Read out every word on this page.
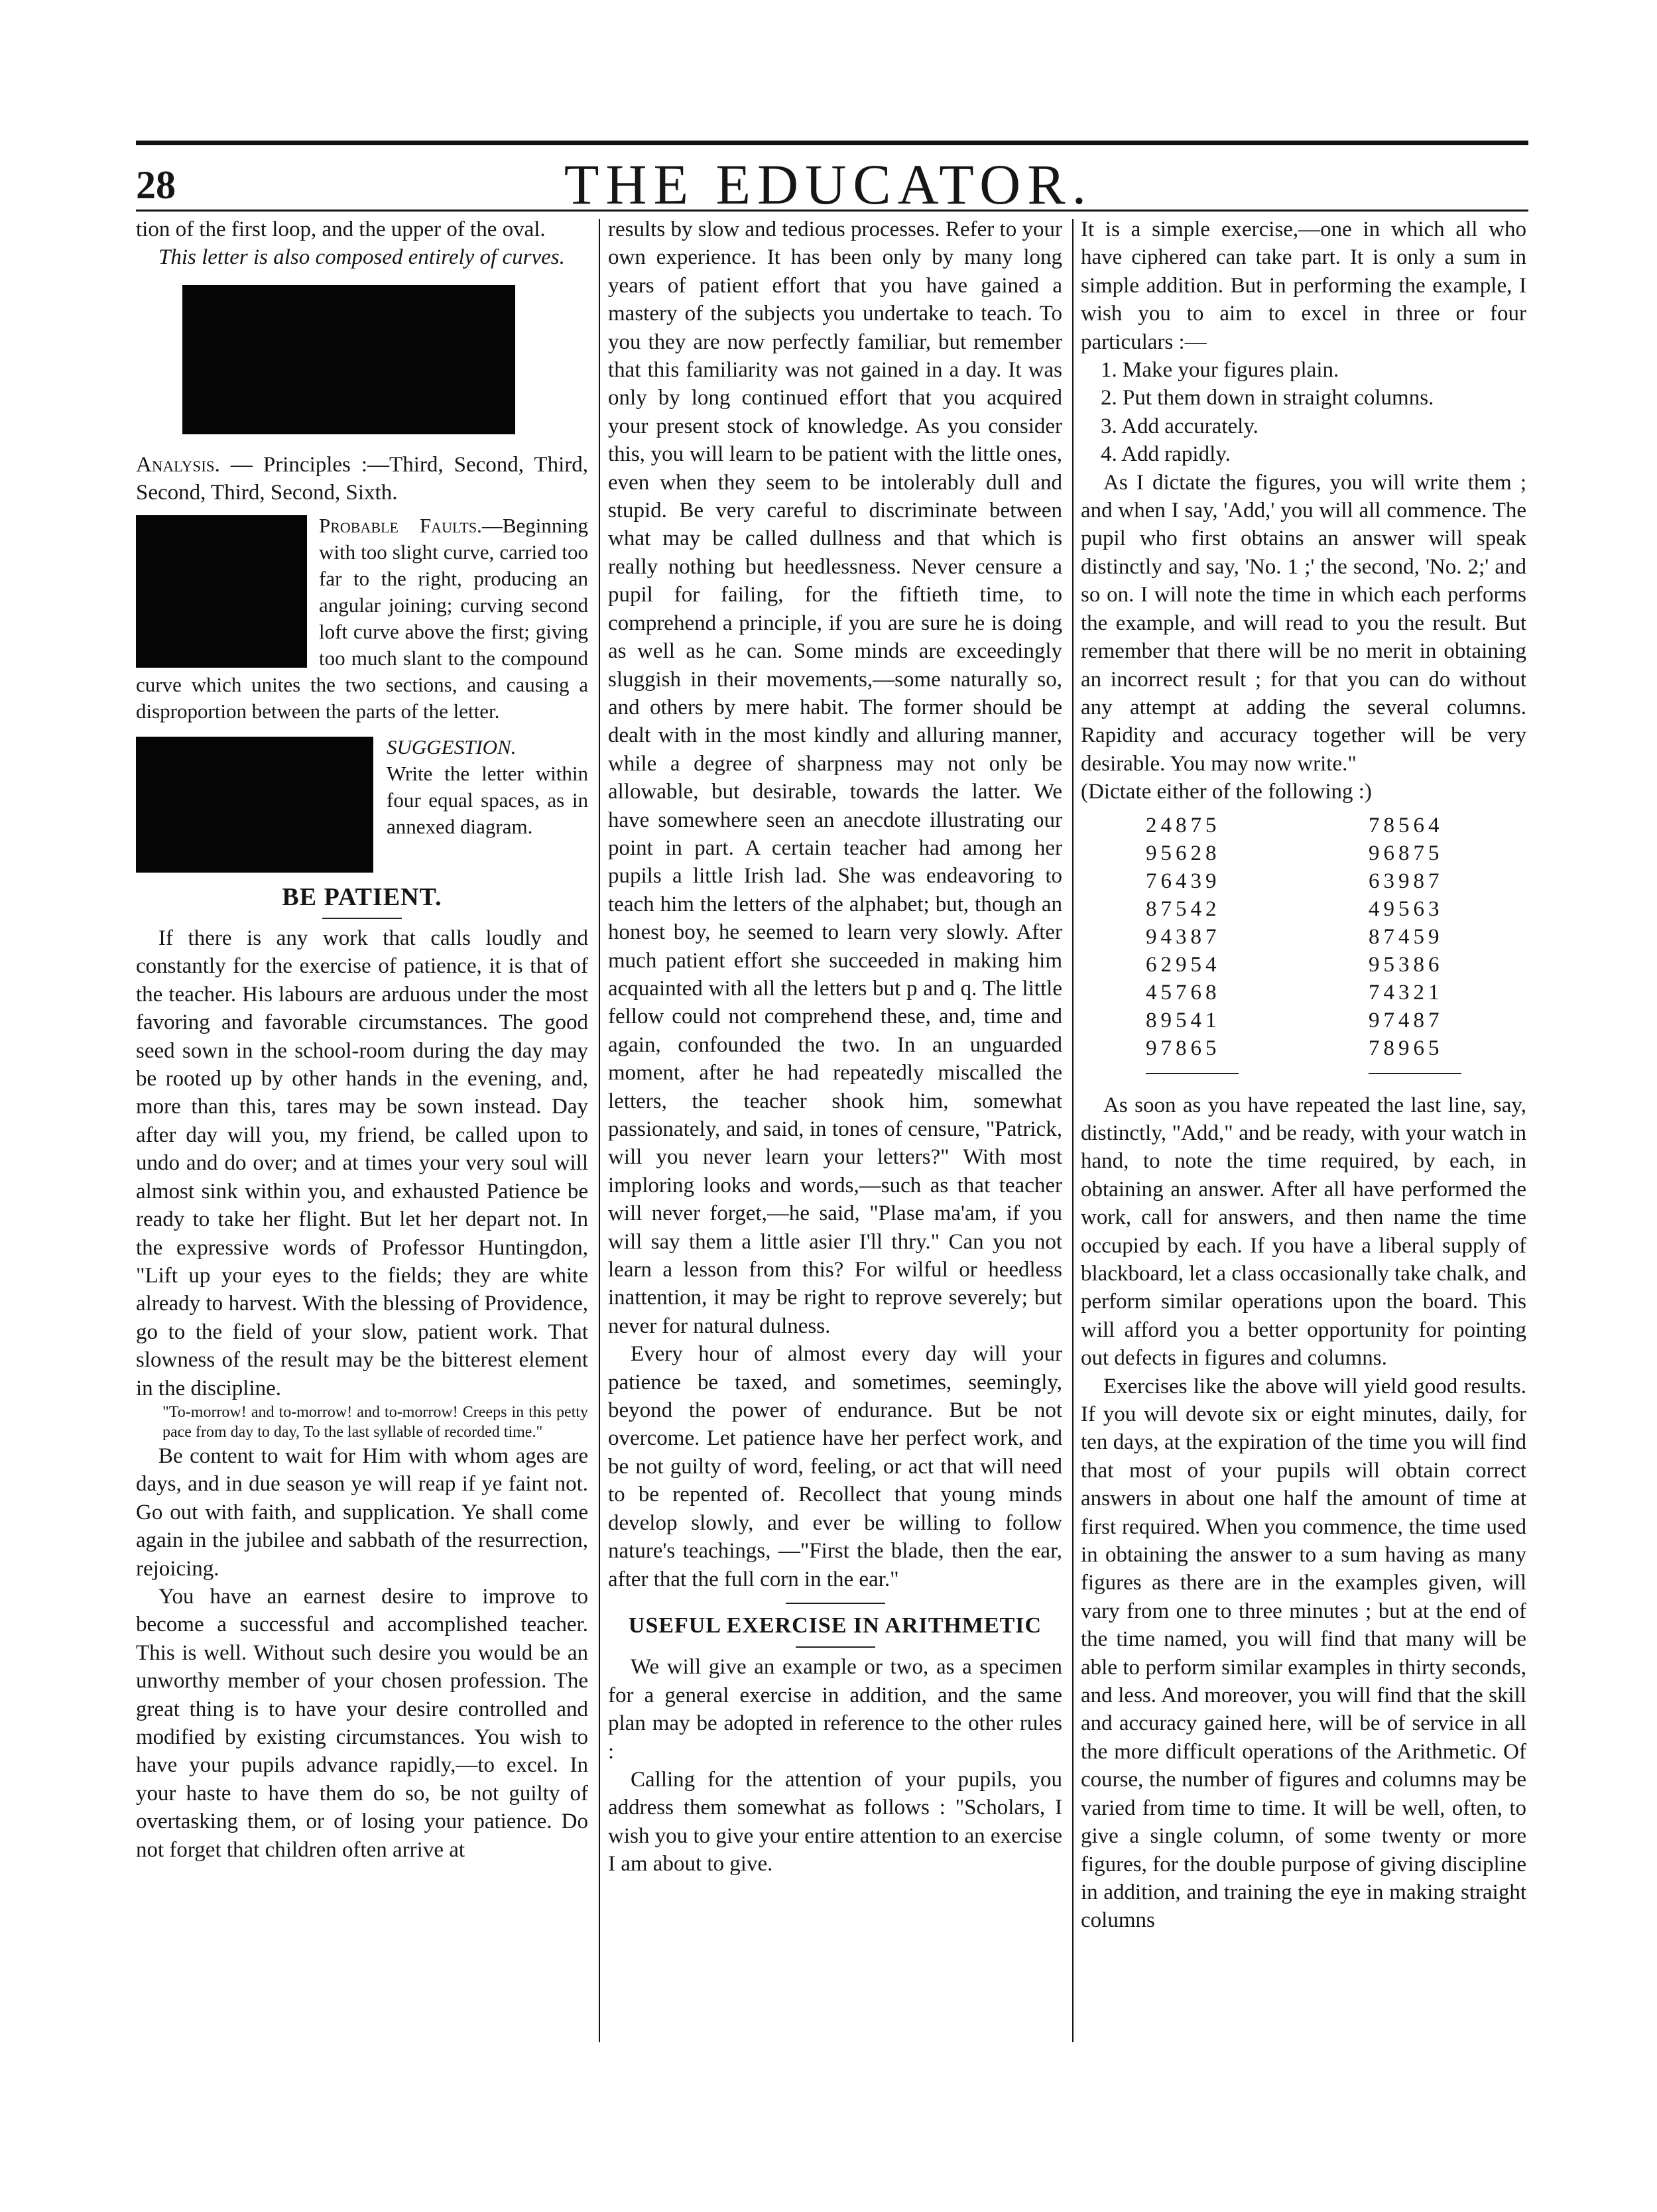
28	THE EDUCATOR.

tion of the first loop, and the upper of the oval.

This letter is also composed entirely of curves.

Analysis. — Principles :—Third, Second, Third, Second, Third, Second, Sixth.

Probable Faults.—Beginning with too slight curve, carried too far to the right, producing an angular joining; curving second loft curve above the first; giving too much slant to the compound curve which unites the two sections, and causing a disproportion between the parts of the letter.

SUGGESTION.

Write the letter within four equal spaces, as in annexed diagram.

BE PATIENT.

If there is any work that calls loudly and constantly for the exercise of patience, it is that of the teacher. His labours are arduous under the most favoring and favorable circumstances. The good seed sown in the school-room during the day may be rooted up by other hands in the evening, and, more than this, tares may be sown instead. Day after day will you, my friend, be called upon to undo and do over; and at times your very soul will almost sink within you, and exhausted Patience be ready to take her flight. But let her depart not. In the expressive words of Professor Huntingdon, "Lift up your eyes to the fields; they are white already to harvest. With the blessing of Providence, go to the field of your slow, patient work. That slowness of the result may be the bitterest element in the discipline.

"To-morrow! and to-morrow! and to-morrow! Creeps in this petty pace from day to day, To the last syllable of recorded time."

Be content to wait for Him with whom ages are days, and in due season ye will reap if ye faint not. Go out with faith, and supplication. Ye shall come again in the jubilee and sabbath of the resurrection, rejoicing.

You have an earnest desire to improve to become a successful and accomplished teacher. This is well. Without such desire you would be an unworthy member of your chosen profession. The great thing is to have your desire controlled and modified by existing circumstances. You wish to have your pupils advance rapidly,—to excel. In your haste to have them do so, be not guilty of overtasking them, or of losing your patience. Do not forget that children often arrive at

results by slow and tedious processes. Refer to your own experience. It has been only by many long years of patient effort that you have gained a mastery of the subjects you undertake to teach. To you they are now perfectly familiar, but remember that this familiarity was not gained in a day. It was only by long continued effort that you acquired your present stock of knowledge. As you consider this, you will learn to be patient with the little ones, even when they seem to be intolerably dull and stupid. Be very careful to discriminate between what may be called dullness and that which is really nothing but heedlessness. Never censure a pupil for failing, for the fiftieth time, to comprehend a principle, if you are sure he is doing as well as he can. Some minds are exceedingly sluggish in their movements,—some naturally so, and others by mere habit. The former should be dealt with in the most kindly and alluring manner, while a degree of sharpness may not only be allowable, but desirable, towards the latter. We have somewhere seen an anecdote illustrating our point in part. A certain teacher had among her pupils a little Irish lad. She was endeavoring to teach him the letters of the alphabet; but, though an honest boy, he seemed to learn very slowly. After much patient effort she succeeded in making him acquainted with all the letters but p and q. The little fellow could not comprehend these, and, time and again, confounded the two. In an unguarded moment, after he had repeatedly miscalled the letters, the teacher shook him, somewhat passionately, and said, in tones of censure, "Patrick, will you never learn your letters?" With most imploring looks and words,—such as that teacher will never forget,—he said, "Plase ma'am, if you will say them a little asier I'll thry." Can you not learn a lesson from this? For wilful or heedless inattention, it may be right to reprove severely; but never for natural dulness.

Every hour of almost every day will your patience be taxed, and sometimes, seemingly, beyond the power of endurance. But be not overcome. Let patience have her perfect work, and be not guilty of word, feeling, or act that will need to be repented of. Recollect that young minds develop slowly, and ever be willing to follow nature's teachings, —"First the blade, then the ear, after that the full corn in the ear."

USEFUL EXERCISE IN ARITHMETIC

We will give an example or two, as a specimen for a general exercise in addition, and the same plan may be adopted in reference to the other rules :

Calling for the attention of your pupils, you address them somewhat as follows : "Scholars, I wish you to give your entire attention to an exercise I am about to give.

It is a simple exercise,—one in which all who have ciphered can take part. It is only a sum in simple addition. But in performing the example, I wish you to aim to excel in three or four particulars :—

1. Make your figures plain.

2. Put them down in straight columns.

3. Add accurately.

4. Add rapidly.

As I dictate the figures, you will write them ; and when I say, 'Add,' you will all commence. The pupil who first obtains an answer will speak distinctly and say, 'No. 1 ;' the second, 'No. 2;' and so on. I will note the time in which each performs the example, and will read to you the result. But remember that there will be no merit in obtaining an incorrect result ; for that you can do without any attempt at adding the several columns. Rapidity and accuracy together will be very desirable. You may now write."

(Dictate either of the following :)

24875

95628

76439

87542

94387

62954

45768

89541

97865

78564

96875

63987

49563

87459

95386

74321

97487

78965

As soon as you have repeated the last line, say, distinctly, "Add," and be ready, with your watch in hand, to note the time required, by each, in obtaining an answer. After all have performed the work, call for answers, and then name the time occupied by each. If you have a liberal supply of blackboard, let a class occasionally take chalk, and perform similar operations upon the board. This will afford you a better opportunity for pointing out defects in figures and columns.

Exercises like the above will yield good results. If you will devote six or eight minutes, daily, for ten days, at the expiration of the time you will find that most of your pupils will obtain correct answers in about one half the amount of time at first required. When you commence, the time used in obtaining the answer to a sum having as many figures as there are in the examples given, will vary from one to three minutes ; but at the end of the time named, you will find that many will be able to perform similar examples in thirty seconds, and less. And moreover, you will find that the skill and accuracy gained here, will be of service in all the more difficult operations of the Arithmetic. Of course, the number of figures and columns may be varied from time to time. It will be well, often, to give a single column, of some twenty or more figures, for the double purpose of giving discipline in addition, and training the eye in making straight columns
